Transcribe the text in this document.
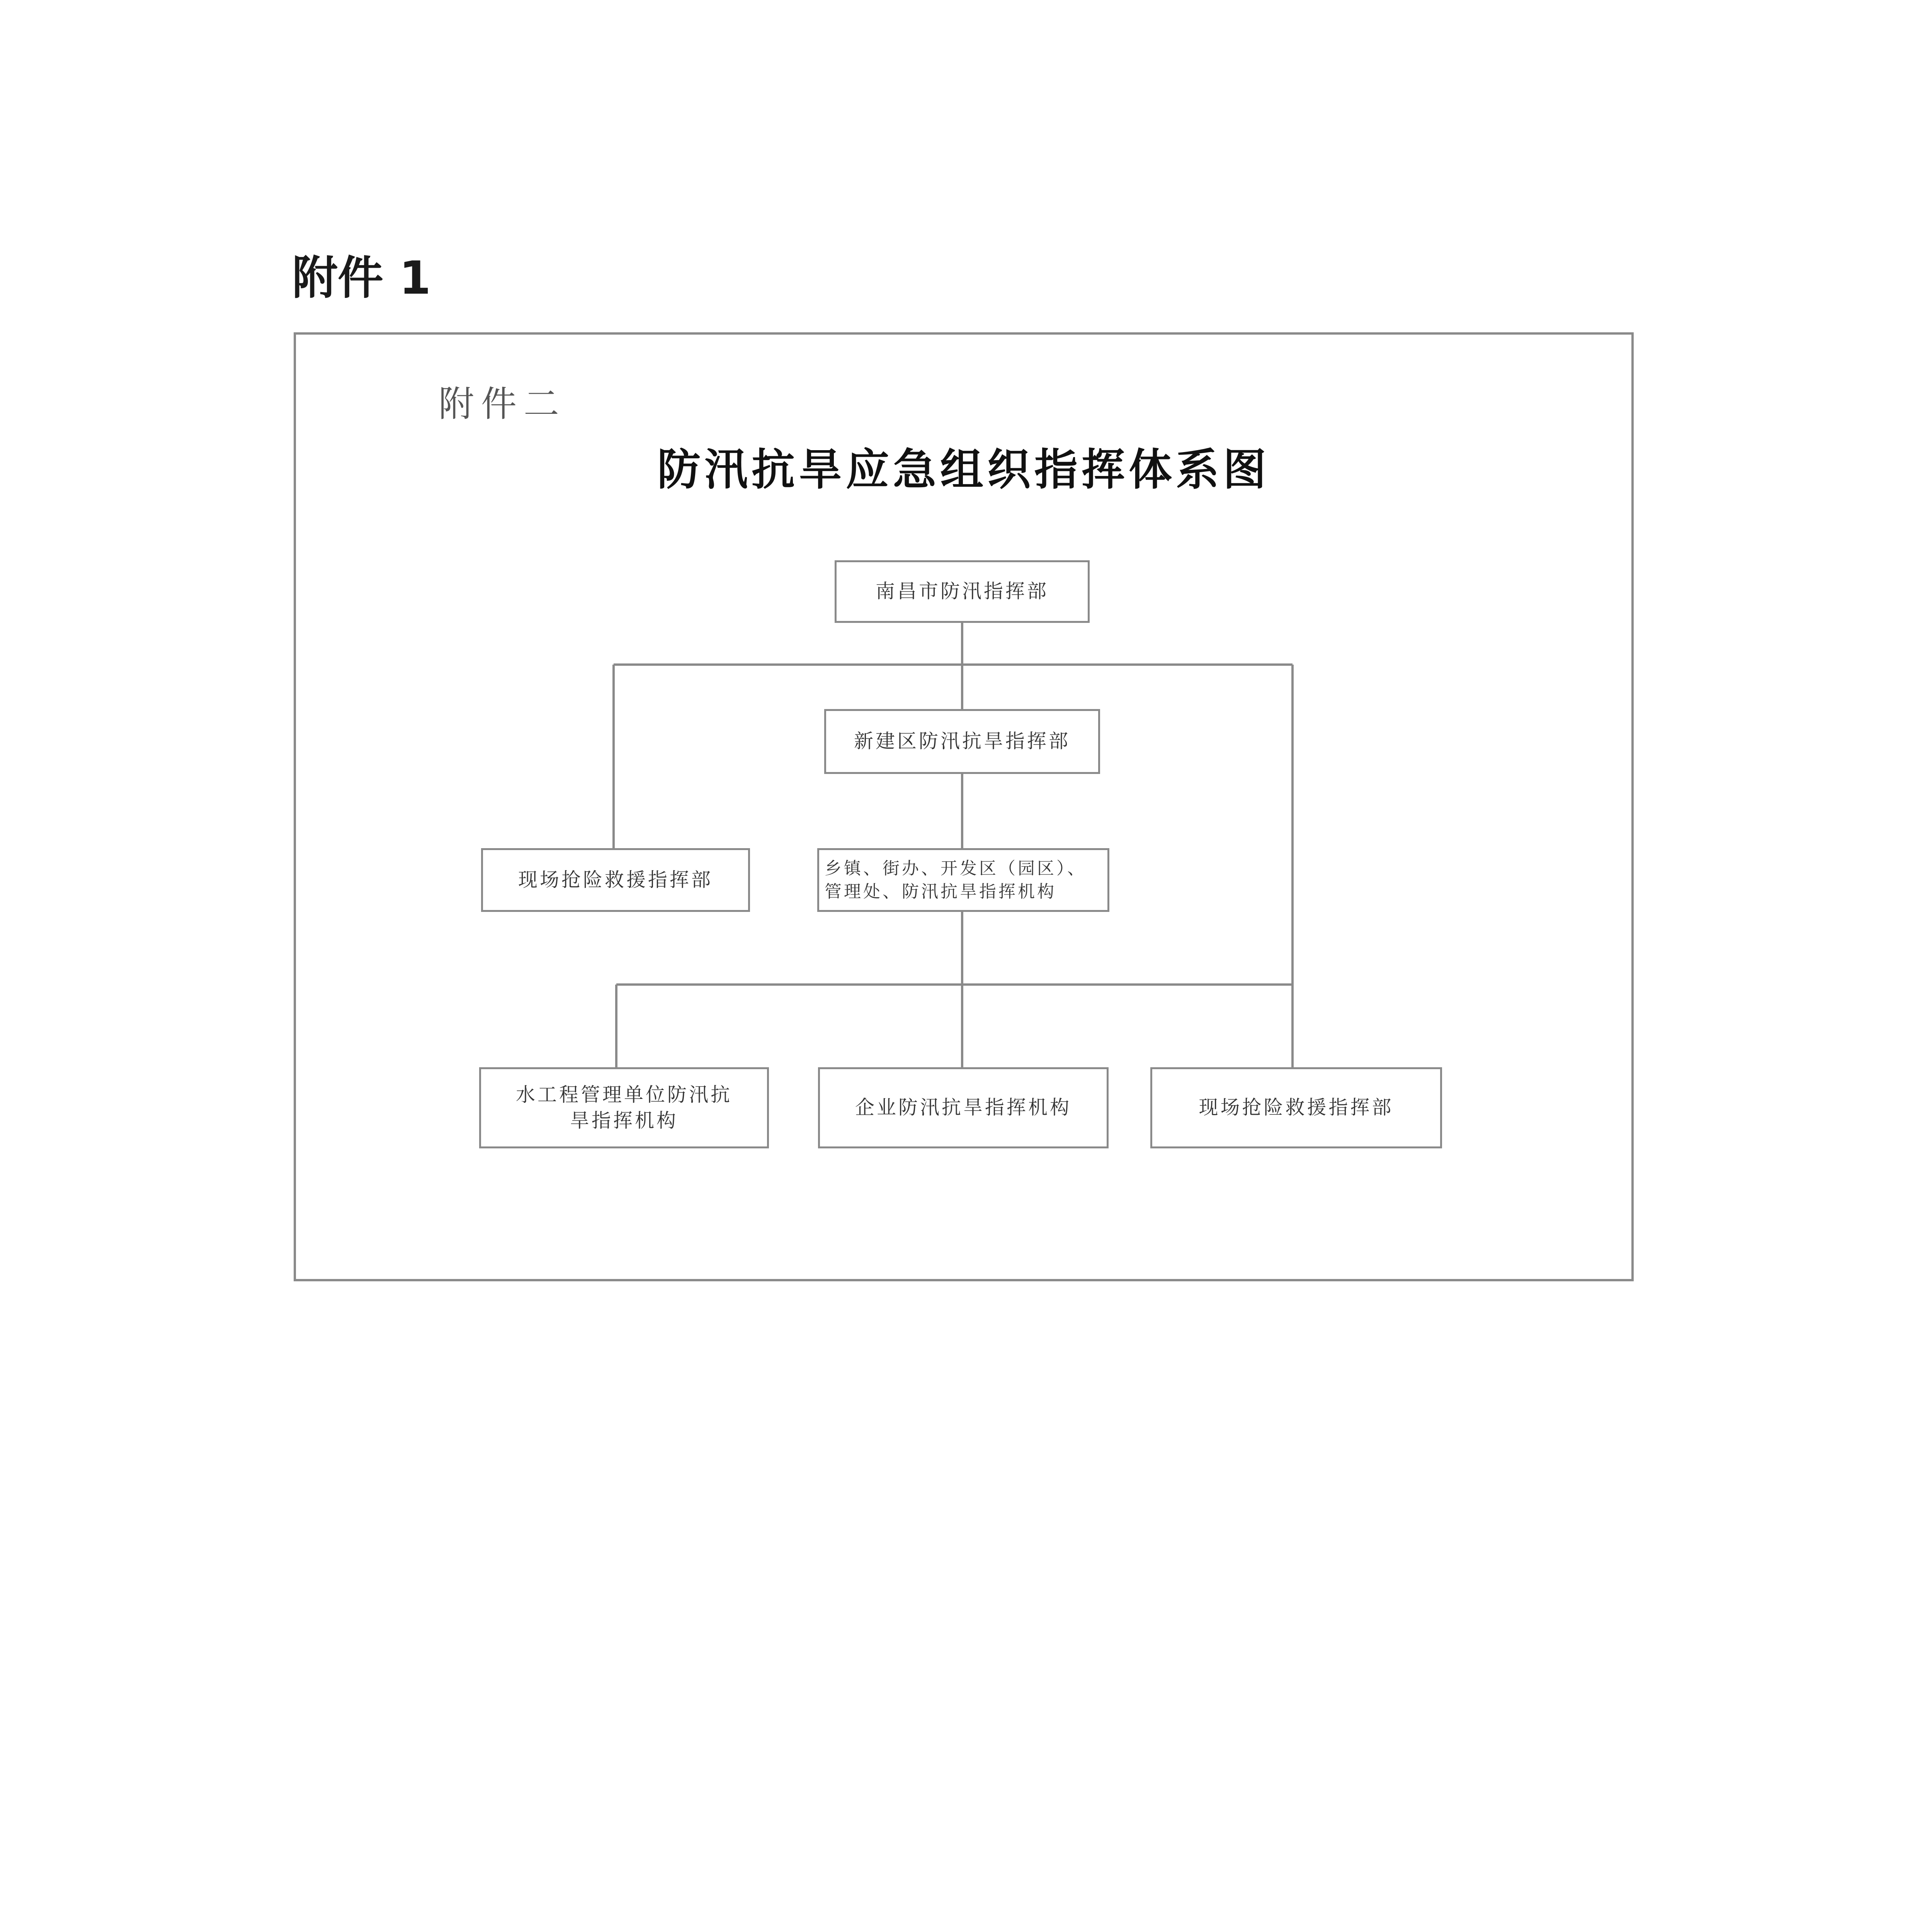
附件 1
附件二
防汛抗旱应急组织指挥体系图
南昌市防汛指挥部
新建区防汛抗旱指挥部
现场抢险救援指挥部
乡镇、街办、开发区（园区）、
管理处、防汛抗旱指挥机构
水工程管理单位防汛抗
旱指挥机构
企业防汛抗旱指挥机构	现场抢险救援指挥部
